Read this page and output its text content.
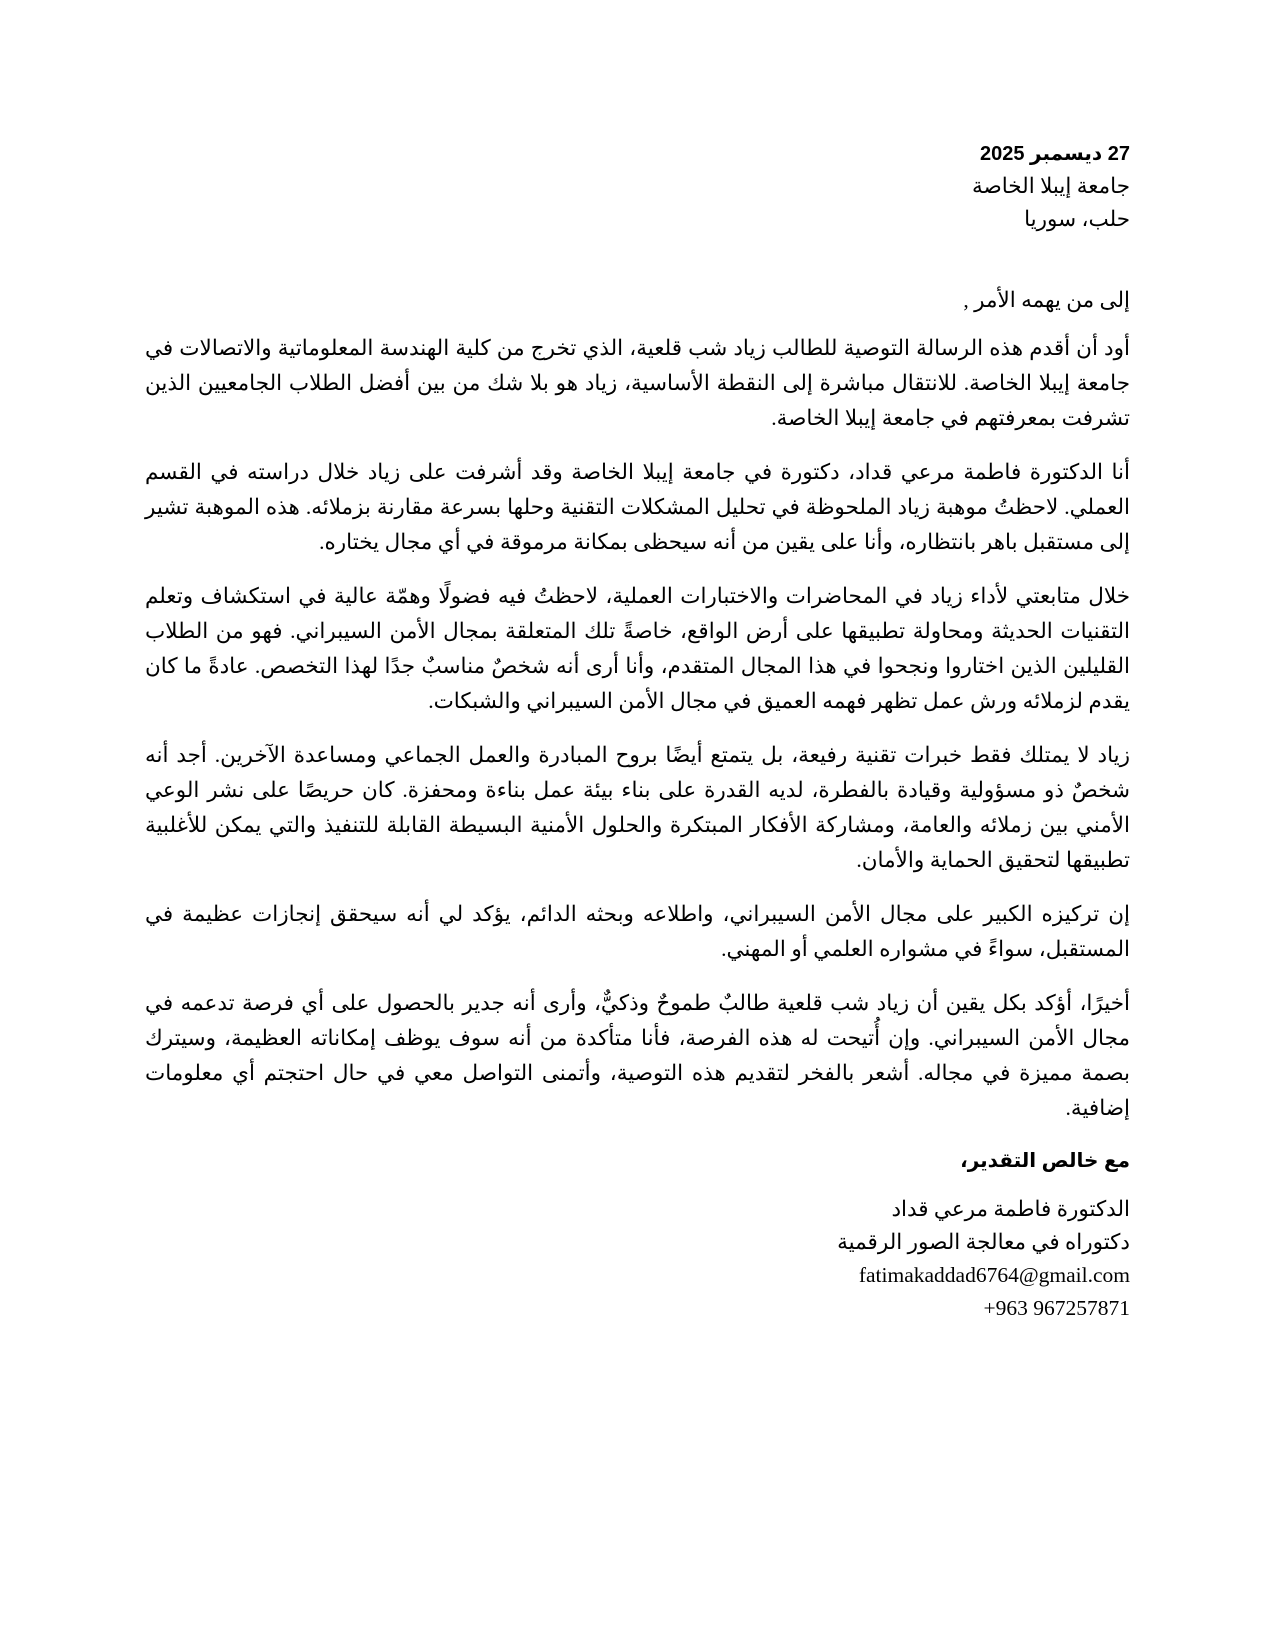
27 ديسمبر 2025

جامعة إيبلا الخاصة

حلب، سوريا

إلى من يهمه الأمر ,

أود أن أقدم هذه الرسالة التوصية للطالب زياد شب قلعية، الذي تخرج من كلية الهندسة المعلوماتية والاتصالات في جامعة إيبلا الخاصة. للانتقال مباشرة إلى النقطة الأساسية، زياد هو بلا شك من بين أفضل الطلاب الجامعيين الذين تشرفت بمعرفتهم في جامعة إيبلا الخاصة.

أنا الدكتورة فاطمة مرعي قداد، دكتورة في جامعة إيبلا الخاصة وقد أشرفت على زياد خلال دراسته في القسم العملي. لاحظتُ موهبة زياد الملحوظة في تحليل المشكلات التقنية وحلها بسرعة مقارنة بزملائه. هذه الموهبة تشير إلى مستقبل باهر بانتظاره، وأنا على يقين من أنه سيحظى بمكانة مرموقة في أي مجال يختاره.

خلال متابعتي لأداء زياد في المحاضرات والاختبارات العملية، لاحظتُ فيه فضولًا وهمّة عالية في استكشاف وتعلم التقنيات الحديثة ومحاولة تطبيقها على أرض الواقع، خاصةً تلك المتعلقة بمجال الأمن السيبراني. فهو من الطلاب القليلين الذين اختاروا ونجحوا في هذا المجال المتقدم، وأنا أرى أنه شخصٌ مناسبٌ جدًا لهذا التخصص. عادةً ما كان يقدم لزملائه ورش عمل تظهر فهمه العميق في مجال الأمن السيبراني والشبكات.

زياد لا يمتلك فقط خبرات تقنية رفيعة، بل يتمتع أيضًا بروح المبادرة والعمل الجماعي ومساعدة الآخرين. أجد أنه شخصٌ ذو مسؤولية وقيادة بالفطرة، لديه القدرة على بناء بيئة عمل بناءة ومحفزة. كان حريصًا على نشر الوعي الأمني بين زملائه والعامة، ومشاركة الأفكار المبتكرة والحلول الأمنية البسيطة القابلة للتنفيذ والتي يمكن للأغلبية تطبيقها لتحقيق الحماية والأمان.

إن تركيزه الكبير على مجال الأمن السيبراني، واطلاعه وبحثه الدائم، يؤكد لي أنه سيحقق إنجازات عظيمة في المستقبل، سواءً في مشواره العلمي أو المهني.

أخيرًا، أؤكد بكل يقين أن زياد شب قلعية طالبٌ طموحٌ وذكيٌّ، وأرى أنه جدير بالحصول على أي فرصة تدعمه في مجال الأمن السيبراني. وإن أُتيحت له هذه الفرصة، فأنا متأكدة من أنه سوف يوظف إمكاناته العظيمة، وسيترك بصمة مميزة في مجاله. أشعر بالفخر لتقديم هذه التوصية، وأتمنى التواصل معي في حال احتجتم أي معلومات إضافية.

مع خالص التقدير،

الدكتورة فاطمة مرعي قداد

دكتوراه في معالجة الصور الرقمية

fatimakaddad6764@gmail.com

+963 967257871
